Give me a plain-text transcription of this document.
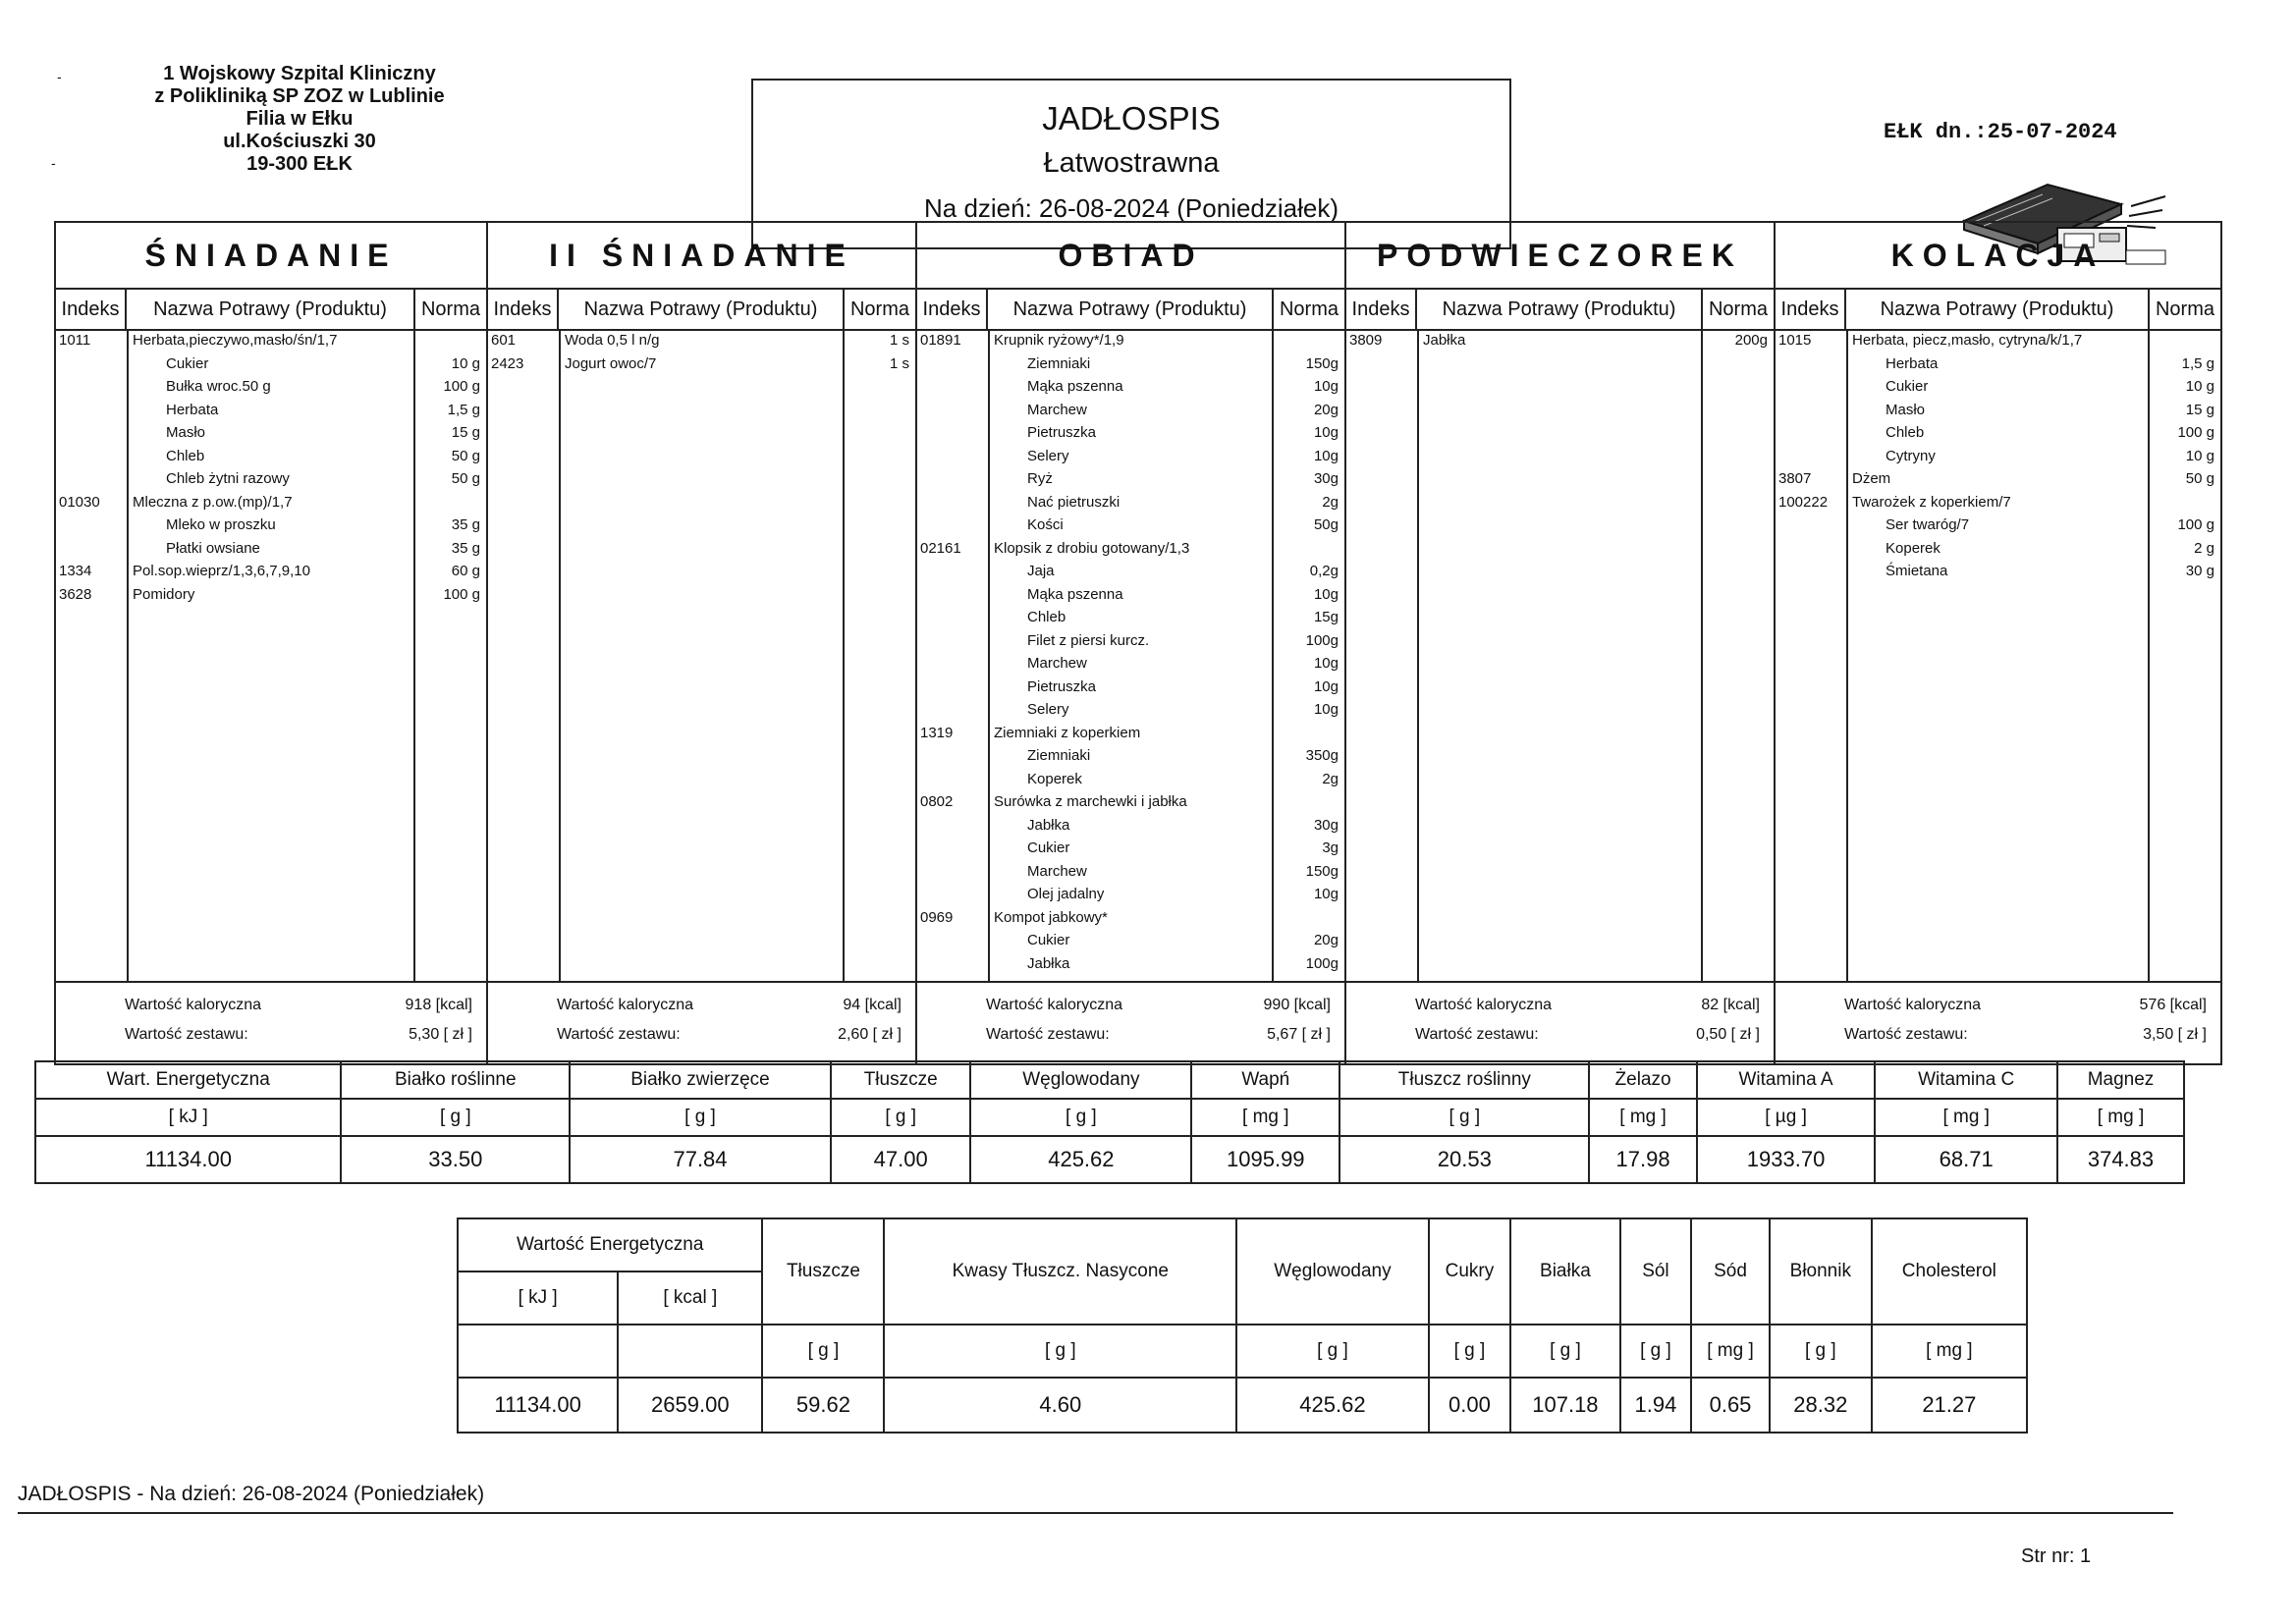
-
-
1 Wojskowy Szpital Kliniczny
z Polikliniką SP ZOZ w Lublinie
Filia w Ełku
ul.Kościuszki 30
19-300 EŁK
JADŁOSPIS
Łatwostrawna
Na dzień: 26-08-2024 (Poniedziałek)
EŁK dn.:25-07-2024
ŚNIADANIE
Indeks	Nazwa Potrawy (Produktu)	Norma
1011	Herbata,pieczywo,masło/śn/1,7
Cukier	10 g
Bułka wroc.50 g	100 g
Herbata	1,5 g
Masło	15 g
Chleb	50 g
Chleb żytni razowy	50 g
01030	Mleczna z p.ow.(mp)/1,7
Mleko w proszku	35 g
Płatki owsiane	35 g
1334	Pol.sop.wieprz/1,3,6,7,9,10	60 g
3628	Pomidory	100 g
Wartość kaloryczna	918 [kcal]
Wartość zestawu:	5,30 [ zł ]
II ŚNIADANIE
Indeks	Nazwa Potrawy (Produktu)	Norma
601	Woda 0,5 l n/g	1 s
2423	Jogurt owoc/7	1 s
Wartość kaloryczna	94 [kcal]
Wartość zestawu:	2,60 [ zł ]
OBIAD
Indeks	Nazwa Potrawy (Produktu)	Norma
01891	Krupnik ryżowy*/1,9
Ziemniaki	150g
Mąka pszenna	10g
Marchew	20g
Pietruszka	10g
Selery	10g
Ryż	30g
Nać pietruszki	2g
Kości	50g
02161	Klopsik z drobiu gotowany/1,3
Jaja	0,2g
Mąka pszenna	10g
Chleb	15g
Filet z piersi kurcz.	100g
Marchew	10g
Pietruszka	10g
Selery	10g
1319	Ziemniaki z koperkiem
Ziemniaki	350g
Koperek	2g
0802	Surówka z marchewki i jabłka
Jabłka	30g
Cukier	3g
Marchew	150g
Olej jadalny	10g
0969	Kompot jabkowy*
Cukier	20g
Jabłka	100g
Wartość kaloryczna	990 [kcal]
Wartość zestawu:	5,67 [ zł ]
PODWIECZOREK
Indeks	Nazwa Potrawy (Produktu)	Norma
3809	Jabłka	200g
Wartość kaloryczna	82 [kcal]
Wartość zestawu:	0,50 [ zł ]
KOLACJA
Indeks	Nazwa Potrawy (Produktu)	Norma
1015	Herbata, piecz,masło, cytryna/k/1,7
Herbata	1,5 g
Cukier	10 g
Masło	15 g
Chleb	100 g
Cytryny	10 g
3807	Dżem	50 g
100222	Twarożek z koperkiem/7
Ser twaróg/7	100 g
Koperek	2 g
Śmietana	30 g
Wartość kaloryczna	576 [kcal]
Wartość zestawu:	3,50 [ zł ]
Wart. Energetyczna	Białko roślinne	Białko zwierzęce	Tłuszcze	Węglowodany	Wapń	Tłuszcz roślinny	Żelazo	Witamina A	Witamina C	Magnez
[ kJ ]	[ g ]	[ g ]	[ g ]	[ g ]	[ mg ]	[ g ]	[ mg ]	[ µg ]	[ mg ]	[ mg ]
11134.00	33.50	77.84	47.00	425.62	1095.99	20.53	17.98	1933.70	68.71	374.83
Wartość Energetyczna		Tłuszcze	Kwasy Tłuszcz. Nasycone	Węglowodany	Cukry	Białka	Sól	Sód	Błonnik	Cholesterol
[ kJ ]	[ kcal ]									
		[ g ]	[ g ]	[ g ]	[ g ]	[ g ]	[ g ]	[ mg ]	[ g ]	[ mg ]
11134.00	2659.00	59.62	4.60	425.62	0.00	107.18	1.94	0.65	28.32	21.27
JADŁOSPIS - Na dzień: 26-08-2024 (Poniedziałek)
Str nr: 1
